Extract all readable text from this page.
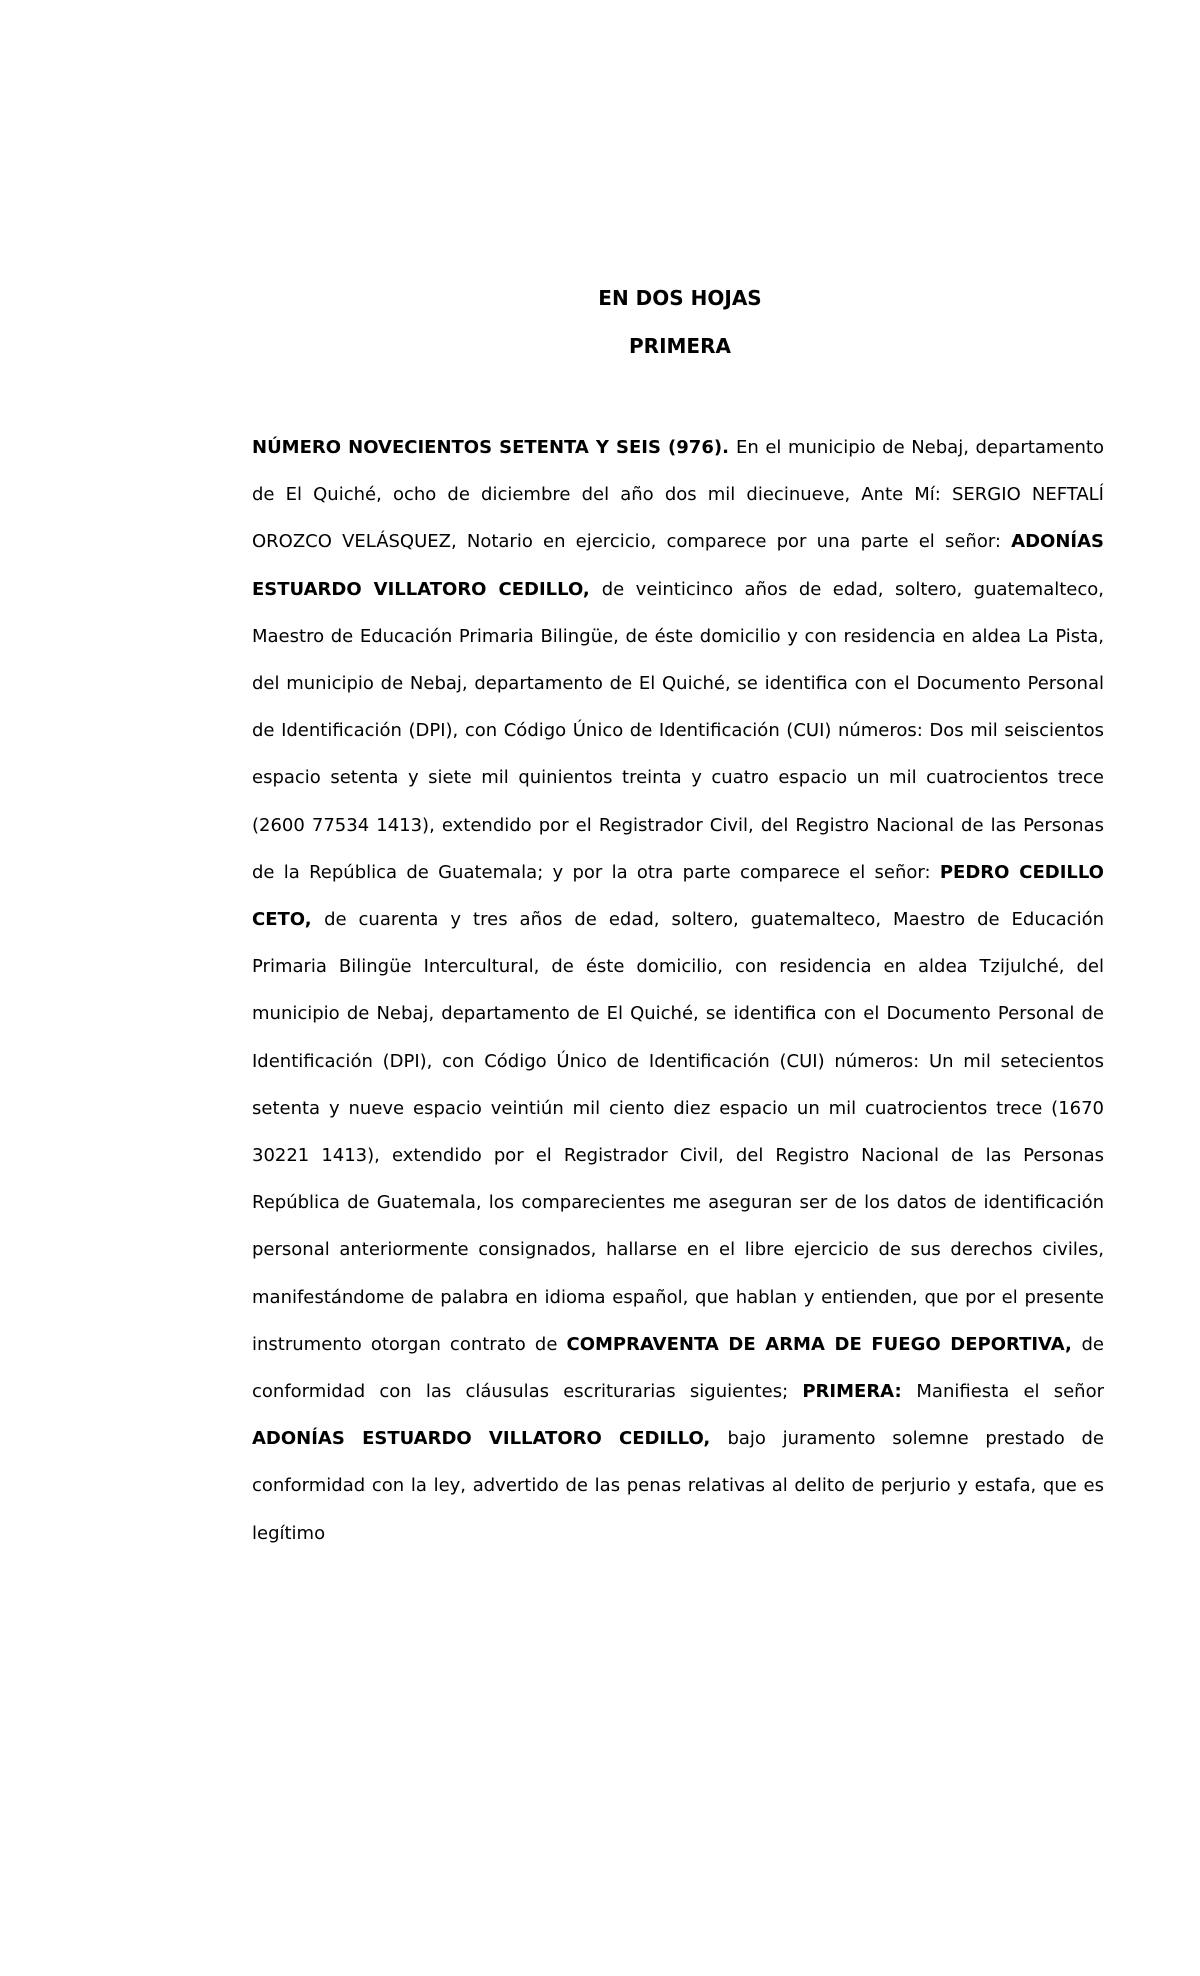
EN DOS HOJAS
PRIMERA

NÚMERO NOVECIENTOS SETENTA Y SEIS (976). En el municipio de Nebaj, departamento de El Quiché, ocho de diciembre del año dos mil diecinueve, Ante Mí: SERGIO NEFTALÍ OROZCO VELÁSQUEZ, Notario en ejercicio, comparece por una parte el señor: ADONÍAS ESTUARDO VILLATORO CEDILLO, de veinticinco años de edad, soltero, guatemalteco, Maestro de Educación Primaria Bilingüe, de éste domicilio y con residencia en aldea La Pista, del municipio de Nebaj, departamento de El Quiché, se identifica con el Documento Personal de Identificación (DPI), con Código Único de Identificación (CUI) números: Dos mil seiscientos espacio setenta y siete mil quinientos treinta y cuatro espacio un mil cuatrocientos trece (2600 77534 1413), extendido por el Registrador Civil, del Registro Nacional de las Personas de la República de Guatemala; y por la otra parte comparece el señor: PEDRO CEDILLO CETO, de cuarenta y tres años de edad, soltero, guatemalteco, Maestro de Educación Primaria Bilingüe Intercultural, de éste domicilio, con residencia en aldea Tzijulché, del municipio de Nebaj, departamento de El Quiché, se identifica con el Documento Personal de Identificación (DPI), con Código Único de Identificación (CUI) números: Un mil setecientos setenta y nueve espacio veintiún mil ciento diez espacio un mil cuatrocientos trece (1670 30221 1413), extendido por el Registrador Civil, del Registro Nacional de las Personas República de Guatemala, los comparecientes me aseguran ser de los datos de identificación personal anteriormente consignados, hallarse en el libre ejercicio de sus derechos civiles, manifestándome de palabra en idioma español, que hablan y entienden, que por el presente instrumento otorgan contrato de COMPRAVENTA DE ARMA DE FUEGO DEPORTIVA, de conformidad con las cláusulas escriturarias siguientes; PRIMERA: Manifiesta el señor ADONÍAS ESTUARDO VILLATORO CEDILLO, bajo juramento solemne prestado de conformidad con la ley, advertido de las penas relativas al delito de perjurio y estafa, que es legítimo
